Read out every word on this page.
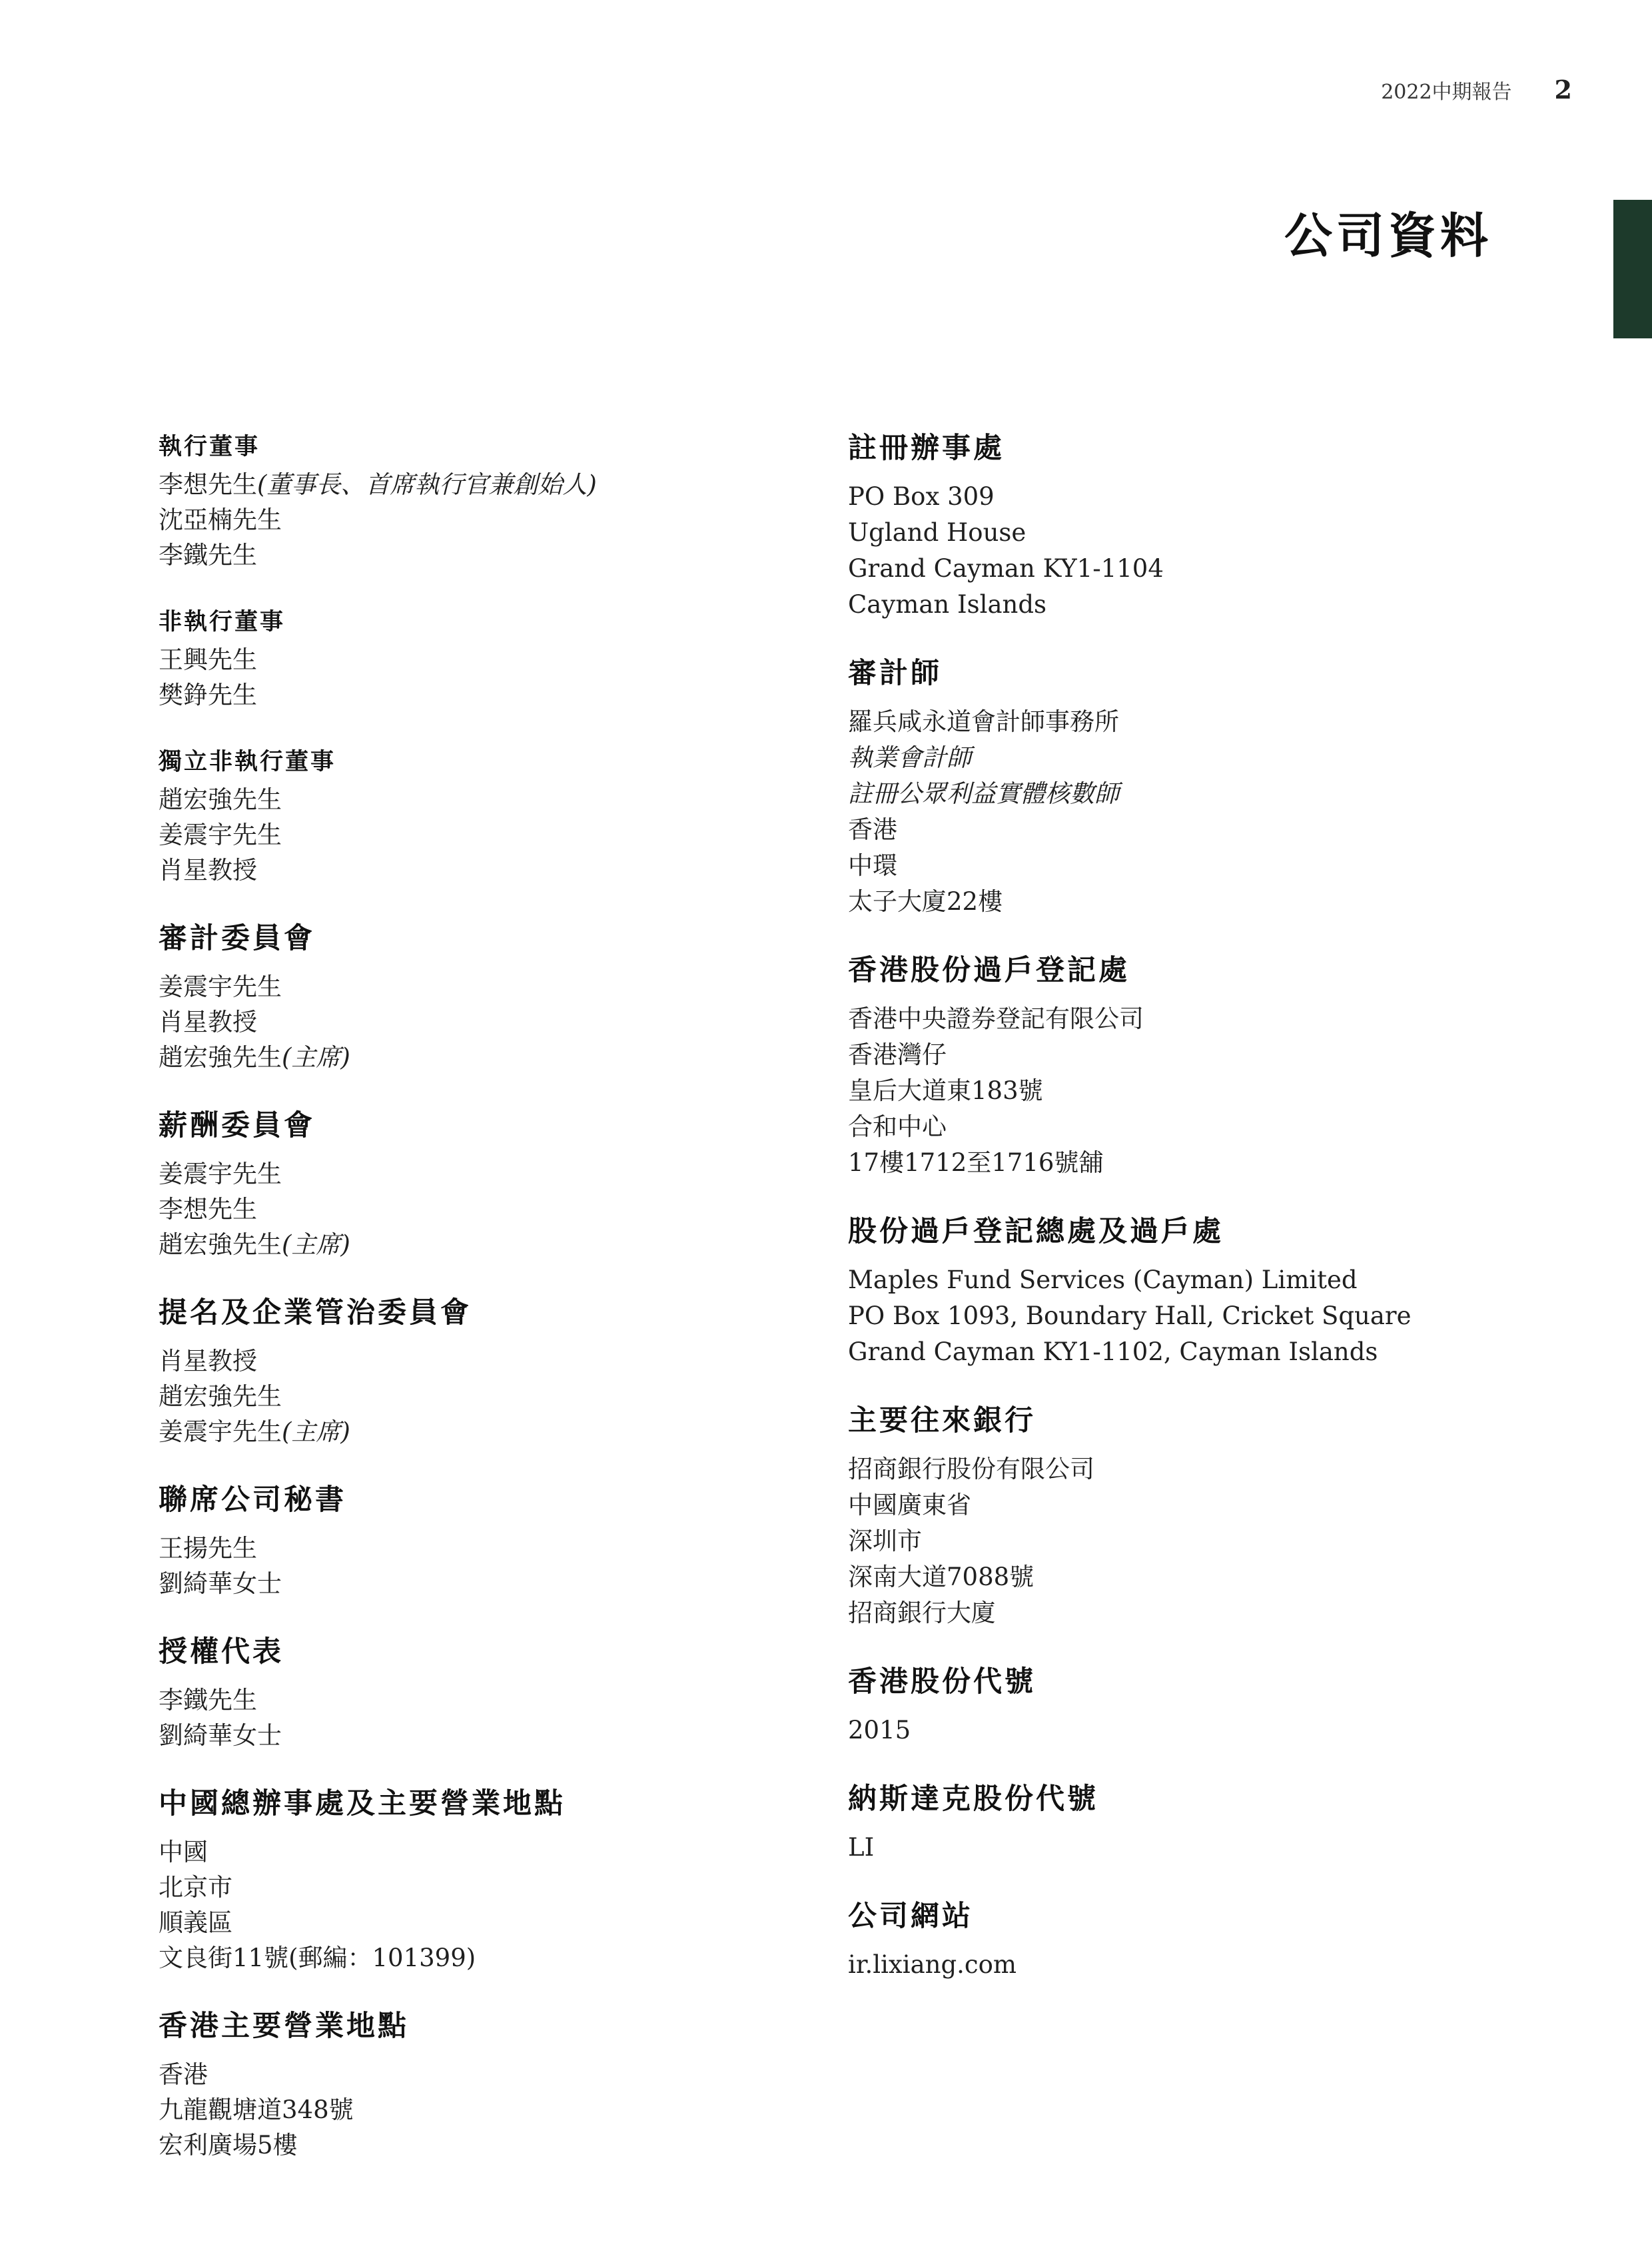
2022中期報告 2
公司資料
執行董事
李想先生(董事長、首席執行官兼創始人)
沈亞楠先生
李鐵先生
非執行董事
王興先生
樊錚先生
獨立非執行董事
趙宏強先生
姜震宇先生
肖星教授
審計委員會
姜震宇先生
肖星教授
趙宏強先生(主席)
薪酬委員會
姜震宇先生
李想先生
趙宏強先生(主席)
提名及企業管治委員會
肖星教授
趙宏強先生
姜震宇先生(主席)
聯席公司秘書
王揚先生
劉綺華女士
授權代表
李鐵先生
劉綺華女士
中國總辦事處及主要營業地點
中國
北京市
順義區
文良街11號(郵編：101399)
香港主要營業地點
香港
九龍觀塘道348號
宏利廣場5樓
註冊辦事處
PO Box 309
Ugland House
Grand Cayman KY1-1104
Cayman Islands
審計師
羅兵咸永道會計師事務所
執業會計師
註冊公眾利益實體核數師
香港
中環
太子大廈22樓
香港股份過戶登記處
香港中央證券登記有限公司
香港灣仔
皇后大道東183號
合和中心
17樓1712至1716號舖
股份過戶登記總處及過戶處
Maples Fund Services (Cayman) Limited
PO Box 1093, Boundary Hall, Cricket Square
Grand Cayman KY1-1102, Cayman Islands
主要往來銀行
招商銀行股份有限公司
中國廣東省
深圳市
深南大道7088號
招商銀行大廈
香港股份代號
2015
納斯達克股份代號
LI
公司網站
ir.lixiang.com
